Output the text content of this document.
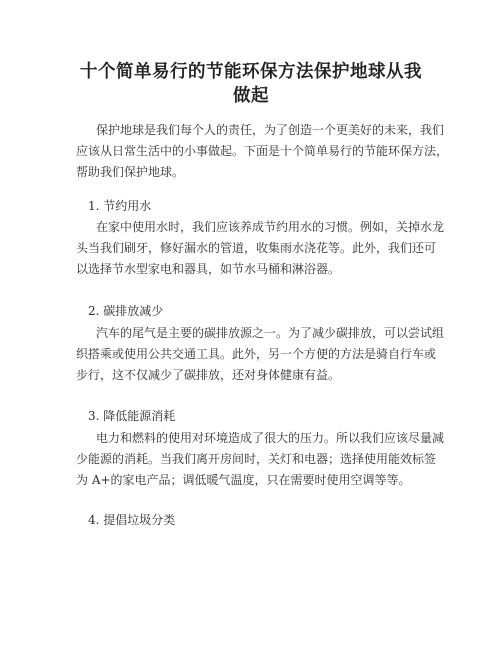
十个简单易行的节能环保方法保护地球从我
做起
保护地球是我们每个人的责任，为了创造一个更美好的未来，我们
应该从日常生活中的小事做起。下面是十个简单易行的节能环保方法，
帮助我们保护地球。
1. 节约用水
在家中使用水时，我们应该养成节约用水的习惯。例如，关掉水龙
头当我们刷牙，修好漏水的管道，收集雨水浇花等。此外，我们还可
以选择节水型家电和器具，如节水马桶和淋浴器。
2. 碳排放减少
汽车的尾气是主要的碳排放源之一。为了减少碳排放，可以尝试组
织搭乘或使用公共交通工具。此外，另一个方便的方法是骑自行车或
步行，这不仅减少了碳排放，还对身体健康有益。
3. 降低能源消耗
电力和燃料的使用对环境造成了很大的压力。所以我们应该尽量减
少能源的消耗。当我们离开房间时，关灯和电器；选择使用能效标签
为 A+的家电产品；调低暖气温度，只在需要时使用空调等等。
4. 提倡垃圾分类
